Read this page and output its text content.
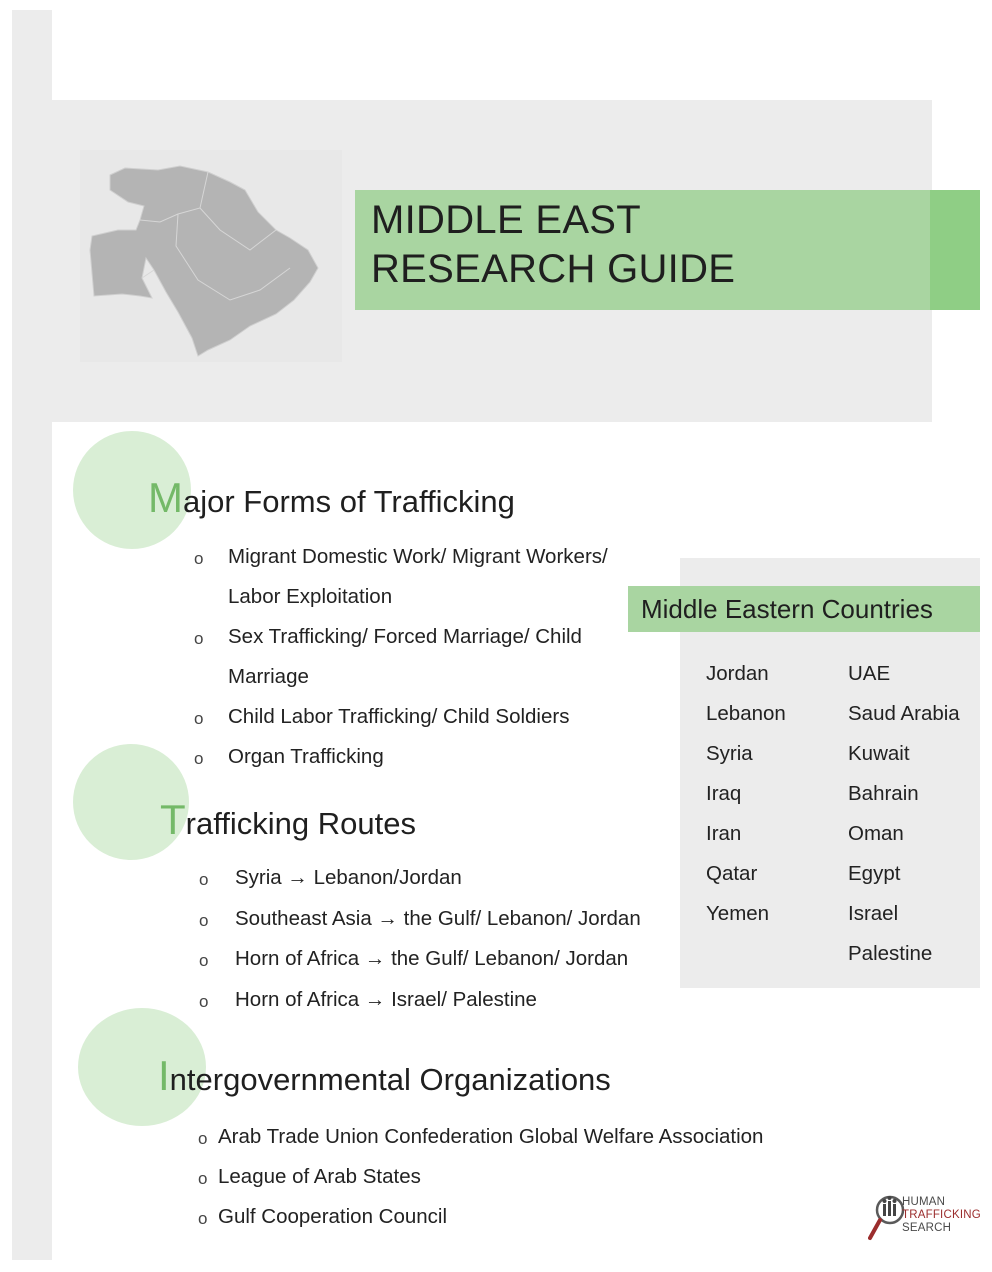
MIDDLE EAST
RESEARCH GUIDE
Major Forms of Trafficking
o Migrant Domestic Work/ Migrant Workers/ Labor Exploitation
o Sex Trafficking/ Forced Marriage/ Child Marriage
o Child Labor Trafficking/ Child Soldiers
o Organ Trafficking
Trafficking Routes
o Syria → Lebanon/Jordan
o Southeast Asia → the Gulf/ Lebanon/ Jordan
o Horn of Africa → the Gulf/ Lebanon/ Jordan
o Horn of Africa → Israel/ Palestine
Intergovernmental Organizations
o Arab Trade Union Confederation Global Welfare Association
o League of Arab States
o Gulf Cooperation Council
Middle Eastern Countries
Jordan
Lebanon
Syria
Iraq
Iran
Qatar
Yemen
UAE
Saud Arabia
Kuwait
Bahrain
Oman
Egypt
Israel
Palestine
HUMAN
TRAFFICKING
SEARCH
